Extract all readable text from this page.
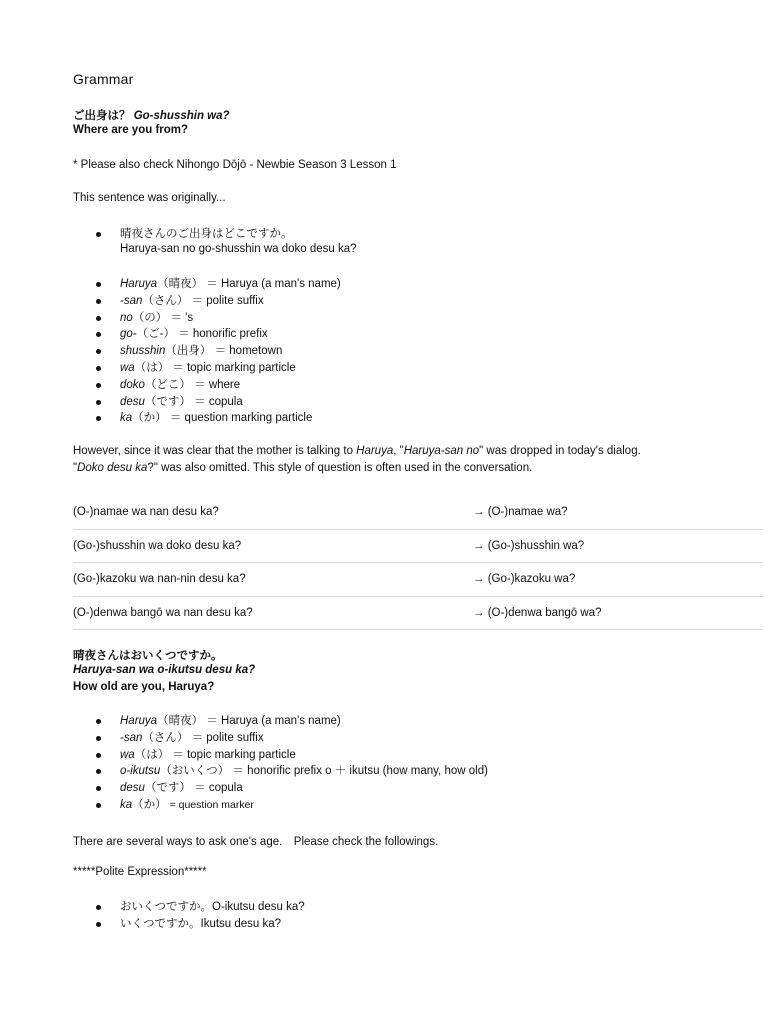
Grammar
ご出身は？ Go-shusshin wa?
Where are you from?
* Please also check Nihongo Dōjō - Newbie Season 3 Lesson 1
This sentence was originally...
晴夜さんのご出身はどこですか。
Haruya-san no go-shusshin wa doko desu ka?
Haruya（晴夜） ＝ Haruya (a man's name)
-san（さん） ＝ polite suffix
no（の） ＝ 's
go-（ご-） ＝ honorific prefix
shusshin（出身） ＝ hometown
wa（は） ＝ topic marking particle
doko（どこ） ＝ where
desu（です） ＝ copula
ka（か） ＝ question marking particle
However, since it was clear that the mother is talking to Haruya, "Haruya-san no" was dropped in today's dialog.
"Doko desu ka?" was also omitted. This style of question is often used in the conversation.
(O-)namae wa nan desu ka?	→ (O-)namae wa?
(Go-)shusshin wa doko desu ka?	→ (Go-)shusshin wa?
(Go-)kazoku wa nan-nin desu ka?	→ (Go-)kazoku wa?
(O-)denwa bangō wa nan desu ka?	→ (O-)denwa bangō wa?
晴夜さんはおいくつですか。
Haruya-san wa o-ikutsu desu ka?
How old are you, Haruya?
Haruya（晴夜） ＝ Haruya (a man's name)
-san（さん） ＝ polite suffix
wa（は） ＝ topic marking particle
o-ikutsu（おいくつ） ＝ honorific prefix o ＋ ikutsu (how many, how old)
desu（です） ＝ copula
ka（か） = question marker
There are several ways to ask one's age.　Please check the followings.
*****Polite Expression*****
おいくつですか。O-ikutsu desu ka?
いくつですか。Ikutsu desu ka?
